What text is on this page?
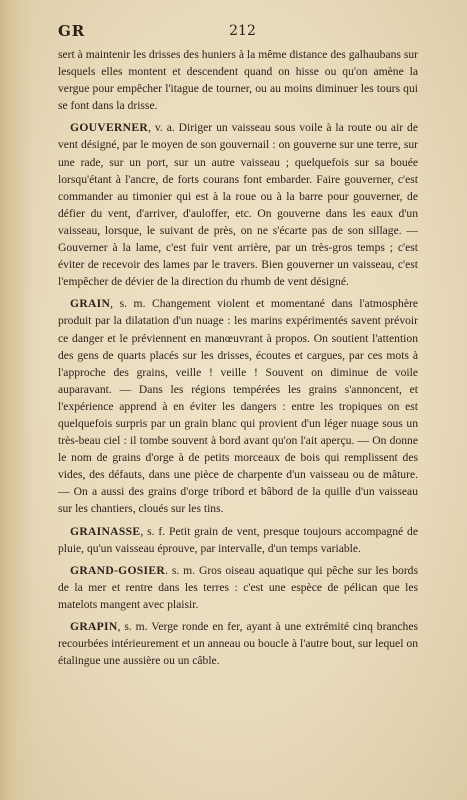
GR	212

sert à maintenir les drisses des huniers à la même distance des galhaubans sur lesquels elles montent et descendent quand on hisse ou qu'on amène la vergue pour empêcher l'itague de tourner, ou au moins diminuer les tours qui se font dans la drisse.

GOUVERNER, v. a. Diriger un vaisseau sous voile à la route ou air de vent désigné, par le moyen de son gouvernail : on gouverne sur une terre, sur une rade, sur un port, sur un autre vaisseau ; quelquefois sur sa bouée lorsqu'étant à l'ancre, de forts courans font embarder. Faire gouverner, c'est commander au timonier qui est à la roue ou à la barre pour gouverner, de défier du vent, d'arriver, d'auloffer, etc. On gouverne dans les eaux d'un vaisseau, lorsque, le suivant de près, on ne s'écarte pas de son sillage. — Gouverner à la lame, c'est fuir vent arrière, par un très-gros temps ; c'est éviter de recevoir des lames par le travers. Bien gouverner un vaisseau, c'est l'empêcher de dévier de la direction du rhumb de vent désigné.

GRAIN, s. m. Changement violent et momentané dans l'atmosphère produit par la dilatation d'un nuage : les marins expérimentés savent prévoir ce danger et le préviennent en manœuvrant à propos. On soutient l'attention des gens de quarts placés sur les drisses, écoutes et cargues, par ces mots à l'approche des grains, veille ! veille ! Souvent on diminue de voile auparavant. — Dans les régions tempérées les grains s'annoncent, et l'expérience apprend à en éviter les dangers : entre les tropiques on est quelquefois surpris par un grain blanc qui provient d'un léger nuage sous un très-beau ciel : il tombe souvent à bord avant qu'on l'ait aperçu. — On donne le nom de grains d'orge à de petits morceaux de bois qui remplissent des vides, des défauts, dans une pièce de charpente d'un vaisseau ou de mâture. — On a aussi des grains d'orge tribord et bâbord de la quille d'un vaisseau sur les chantiers, cloués sur les tins.

GRAINASSE, s. f. Petit grain de vent, presque toujours accompagné de pluie, qu'un vaisseau éprouve, par intervalle, d'un temps variable.

GRAND-GOSIER. s. m. Gros oiseau aquatique qui pêche sur les bords de la mer et rentre dans les terres : c'est une espèce de pélican que les matelots mangent avec plaisir.

GRAPIN, s. m. Verge ronde en fer, ayant à une extrémité cinq branches recourbées intérieurement et un anneau ou boucle à l'autre bout, sur lequel on étalingue une aussière ou un câble.
